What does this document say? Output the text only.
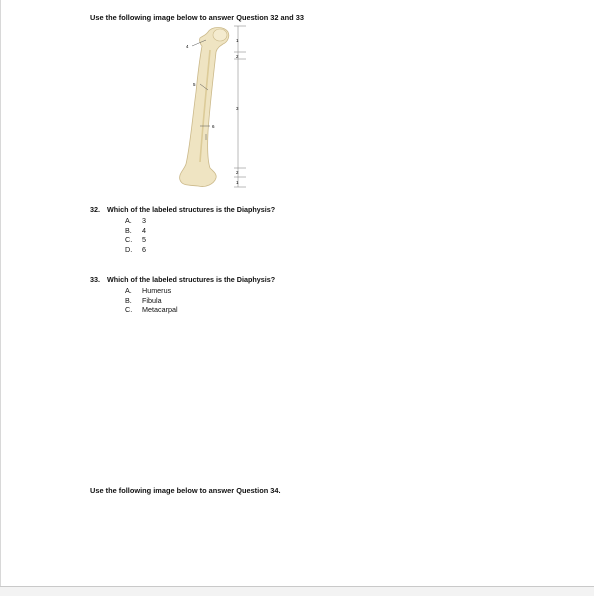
Use the following image below to answer Question 32 and 33
1
2
3
2
1
4
5
6
32. Which of the labeled structures is the Diaphysis?
A. 3
B. 4
C. 5
D. 6
33. Which of the labeled structures is the Diaphysis?
A. Humerus
B. Fibula
C. Metacarpal
Use the following image below to answer Question 34.
